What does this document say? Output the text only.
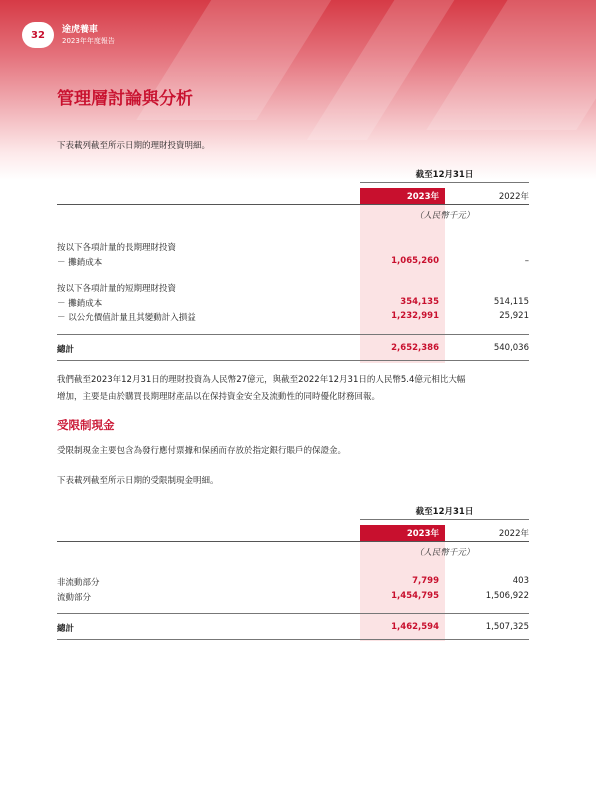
32	途虎養車
2023年年度報告
管理層討論與分析
下表載列截至所示日期的理財投資明細。
截至12月31日
2023年	2022年
（人民幣千元）
按以下各項計量的長期理財投資
－ 攤銷成本	1,065,260	–
按以下各項計量的短期理財投資
－ 攤銷成本	354,135	514,115
－ 以公允價值計量且其變動計入損益	1,232,991	25,921
總計	2,652,386	540,036
我們截至2023年12月31日的理財投資為人民幣27億元，與截至2022年12月31日的人民幣5.4億元相比大幅
增加，主要是由於購買長期理財產品以在保持資金安全及流動性的同時優化財務回報。
受限制現金
受限制現金主要包含為發行應付票據和保函而存放於指定銀行賬戶的保證金。
下表載列截至所示日期的受限制現金明細。
截至12月31日
2023年	2022年
（人民幣千元）
非流動部分	7,799	403
流動部分	1,454,795	1,506,922
總計	1,462,594	1,507,325
